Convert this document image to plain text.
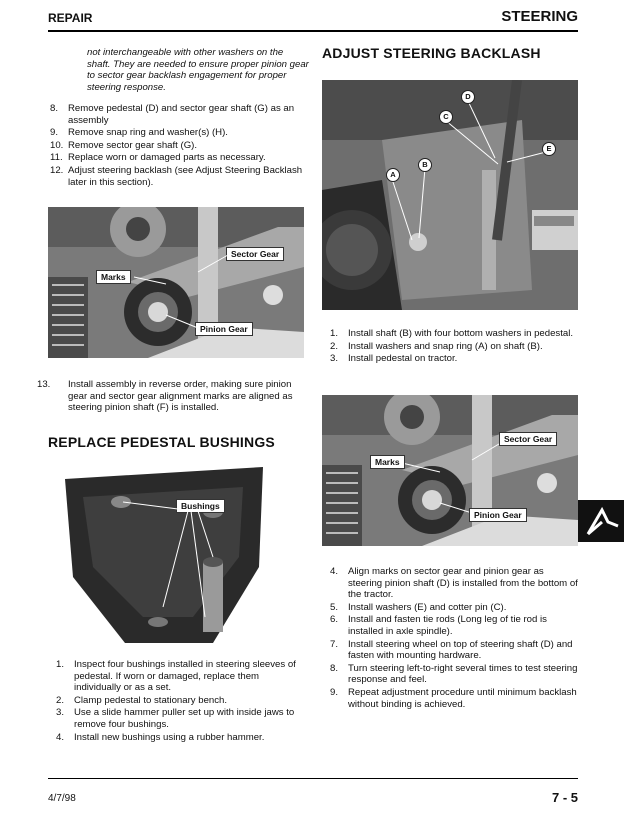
REPAIR	STEERING
not interchangeable with other washers on the shaft. They are needed to ensure proper pinion gear to sector gear backlash engagement for proper steering response.
8. Remove pedestal (D) and sector gear shaft (G) as an assembly
9. Remove snap ring and washer(s) (H).
10. Remove sector gear shaft (G).
11. Replace worn or damaged parts as necessary.
12. Adjust steering backlash (see Adjust Steering Backlash later in this section).
Sector Gear
Marks
Pinion Gear
13. Install assembly in reverse order, making sure pinion gear and sector gear alignment marks are aligned as steering pinion shaft (F) is installed.
REPLACE PEDESTAL BUSHINGS
Bushings
1. Inspect four bushings installed in steering sleeves of pedestal. If worn or damaged, replace them individually or as a set.
2. Clamp pedestal to stationary bench.
3. Use a slide hammer puller set up with inside jaws to remove four bushings.
4. Install new bushings using a rubber hammer.
ADJUST STEERING BACKLASH
A
B
C
D
E
1. Install shaft (B) with four bottom washers in pedestal.
2. Install washers and snap ring (A) on shaft (B).
3. Install pedestal on tractor.
Sector Gear
Marks
Pinion Gear
4. Align marks on sector gear and pinion gear as steering pinion shaft (D) is installed from the bottom of the tractor.
5. Install washers (E) and cotter pin (C).
6. Install and fasten tie rods (Long leg of tie rod is installed in axle spindle).
7. Install steering wheel on top of steering shaft (D) and fasten with mounting hardware.
8. Turn steering left-to-right several times to test steering response and feel.
9. Repeat adjustment procedure until minimum backlash without binding is achieved.
4/7/98	7 - 5
